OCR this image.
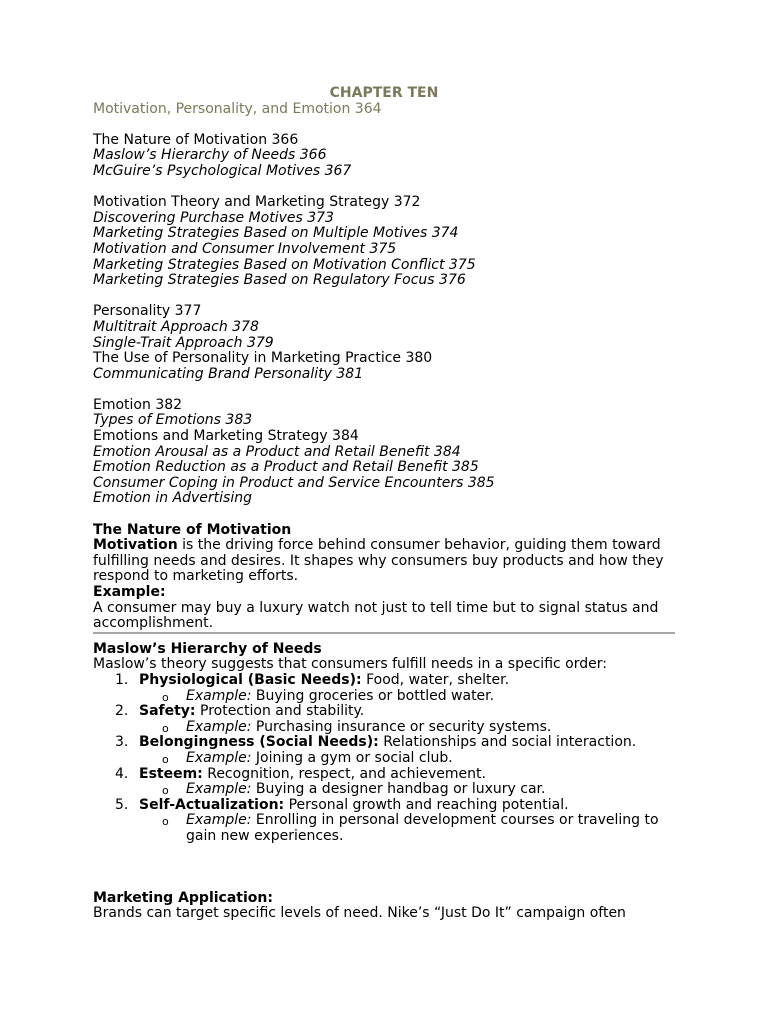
CHAPTER TEN
Motivation, Personality, and Emotion 364
The Nature of Motivation 366
Maslow’s Hierarchy of Needs 366
McGuire’s Psychological Motives 367
Motivation Theory and Marketing Strategy 372
Discovering Purchase Motives 373
Marketing Strategies Based on Multiple Motives 374
Motivation and Consumer Involvement 375
Marketing Strategies Based on Motivation Conflict 375
Marketing Strategies Based on Regulatory Focus 376
Personality 377
Multitrait Approach 378
Single-Trait Approach 379
The Use of Personality in Marketing Practice 380
Communicating Brand Personality 381
Emotion 382
Types of Emotions 383
Emotions and Marketing Strategy 384
Emotion Arousal as a Product and Retail Benefit 384
Emotion Reduction as a Product and Retail Benefit 385
Consumer Coping in Product and Service Encounters 385
Emotion in Advertising
The Nature of Motivation
Motivation is the driving force behind consumer behavior, guiding them toward fulfilling needs and desires. It shapes why consumers buy products and how they respond to marketing efforts.
Example:
A consumer may buy a luxury watch not just to tell time but to signal status and accomplishment.
Maslow’s Hierarchy of Needs
Maslow’s theory suggests that consumers fulfill needs in a specific order:
1. Physiological (Basic Needs): Food, water, shelter.
o Example: Buying groceries or bottled water.
2. Safety: Protection and stability.
o Example: Purchasing insurance or security systems.
3. Belongingness (Social Needs): Relationships and social interaction.
o Example: Joining a gym or social club.
4. Esteem: Recognition, respect, and achievement.
o Example: Buying a designer handbag or luxury car.
5. Self-Actualization: Personal growth and reaching potential.
o Example: Enrolling in personal development courses or traveling to gain new experiences.
Marketing Application:
Brands can target specific levels of need. Nike’s “Just Do It” campaign often
